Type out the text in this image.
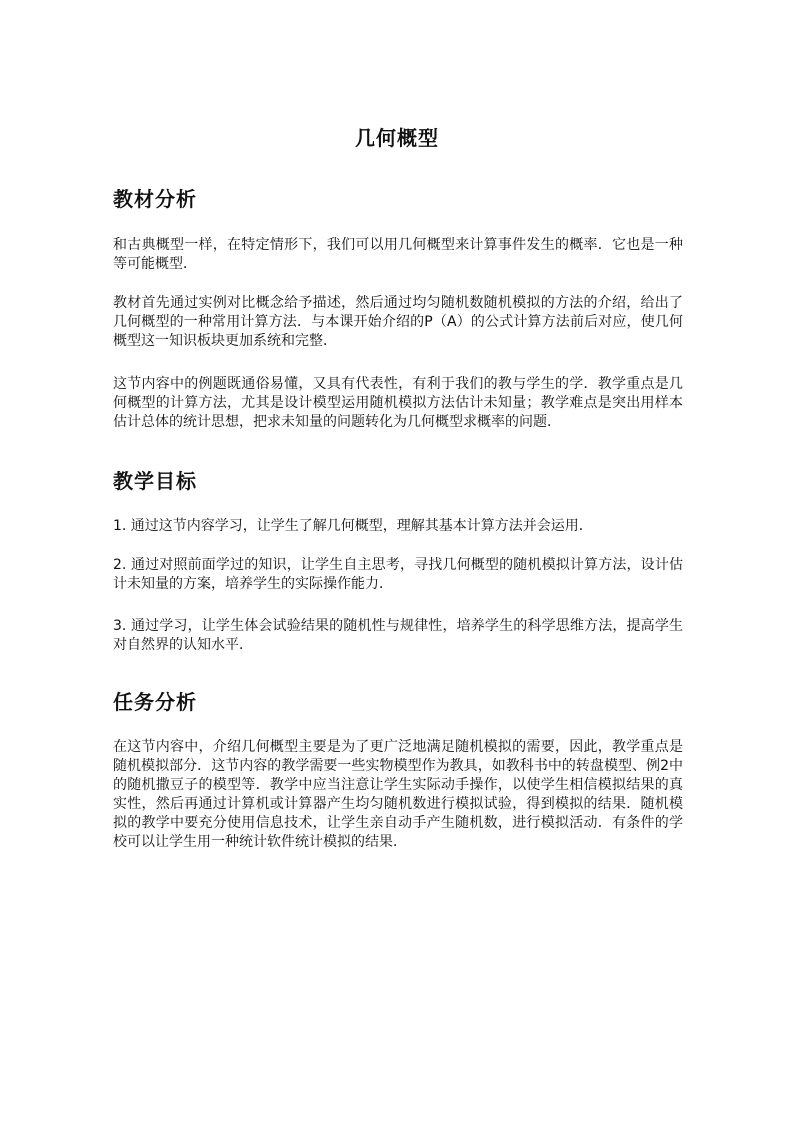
几何概型
教材分析

和古典概型一样，在特定情形下，我们可以用几何概型来计算事件发生的概率．它也是一种等可能概型．

教材首先通过实例对比概念给予描述，然后通过均匀随机数随机模拟的方法的介绍，给出了几何概型的一种常用计算方法．与本课开始介绍的P（A）的公式计算方法前后对应，使几何概型这一知识板块更加系统和完整．

这节内容中的例题既通俗易懂，又具有代表性，有利于我们的教与学生的学．教学重点是几何概型的计算方法，尤其是设计模型运用随机模拟方法估计未知量；教学难点是突出用样本估计总体的统计思想，把求未知量的问题转化为几何概型求概率的问题．

教学目标

1. 通过这节内容学习，让学生了解几何概型，理解其基本计算方法并会运用．

2. 通过对照前面学过的知识，让学生自主思考，寻找几何概型的随机模拟计算方法，设计估计未知量的方案，培养学生的实际操作能力．

3. 通过学习，让学生体会试验结果的随机性与规律性，培养学生的科学思维方法，提高学生对自然界的认知水平．

任务分析

在这节内容中，介绍几何概型主要是为了更广泛地满足随机模拟的需要，因此，教学重点是随机模拟部分．这节内容的教学需要一些实物模型作为教具，如教科书中的转盘模型、例2中的随机撒豆子的模型等．教学中应当注意让学生实际动手操作，以使学生相信模拟结果的真实性，然后再通过计算机或计算器产生均匀随机数进行模拟试验，得到模拟的结果．随机模拟的教学中要充分使用信息技术，让学生亲自动手产生随机数，进行模拟活动．有条件的学校可以让学生用一种统计软件统计模拟的结果．
